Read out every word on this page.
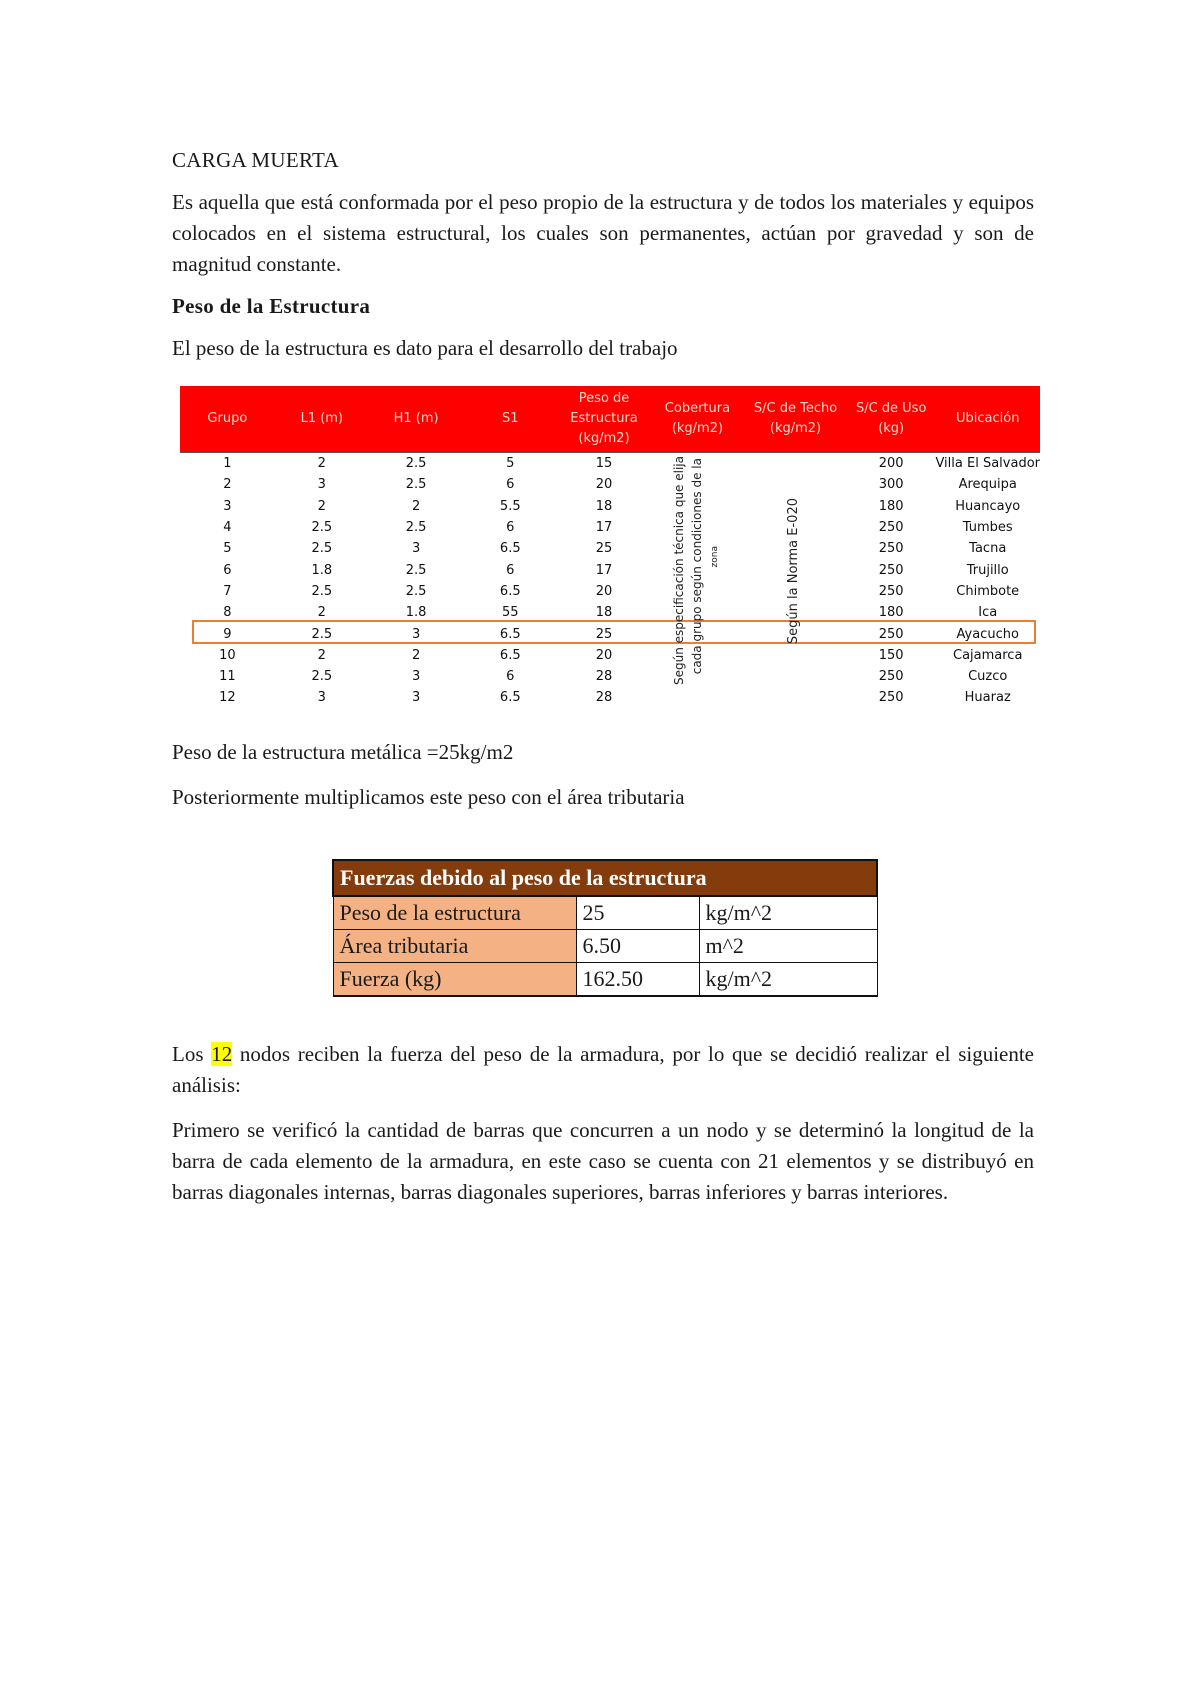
CARGA MUERTA

Es aquella que está conformada por el peso propio de la estructura y de todos los materiales y equipos colocados en el sistema estructural, los cuales son permanentes, actúan por gravedad y son de magnitud constante.

Peso de la Estructura

El peso de la estructura es dato para el desarrollo del trabajo

Grupo	L1 (m)	H1 (m)	S1	Peso de Estructura (kg/m2)	Cobertura (kg/m2)	S/C de Techo (kg/m2)	S/C de Uso (kg)	Ubicación
1	2	2.5	5	15			200	Villa El Salvador
2	3	2.5	6	20			300	Arequipa
3	2	2	5.5	18			180	Huancayo
4	2.5	2.5	6	17			250	Tumbes
5	2.5	3	6.5	25			250	Tacna
6	1.8	2.5	6	17			250	Trujillo
7	2.5	2.5	6.5	20			250	Chimbote
8	2	1.8	55	18			180	Ica
9	2.5	3	6.5	25			250	Ayacucho
10	2	2	6.5	20			150	Cajamarca
11	2.5	3	6	28			250	Cuzco
12	3	3	6.5	28			250	Huaraz
Según especificación técnica que elija cada grupo según condiciones de la zona	Según la Norma E-020

Peso de la estructura metálica =25kg/m2

Posteriormente multiplicamos este peso con el área tributaria

Fuerzas debido al peso de la estructura		
Peso de la estructura	25	kg/m^2
Área tributaria	6.50	m^2
Fuerza (kg)	162.50	kg/m^2

Los 12 nodos reciben la fuerza del peso de la armadura, por lo que se decidió realizar el siguiente análisis:

Primero se verificó la cantidad de barras que concurren a un nodo y se determinó la longitud de la barra de cada elemento de la armadura, en este caso se cuenta con 21 elementos y se distribuyó en barras diagonales internas, barras diagonales superiores, barras inferiores y barras interiores.
